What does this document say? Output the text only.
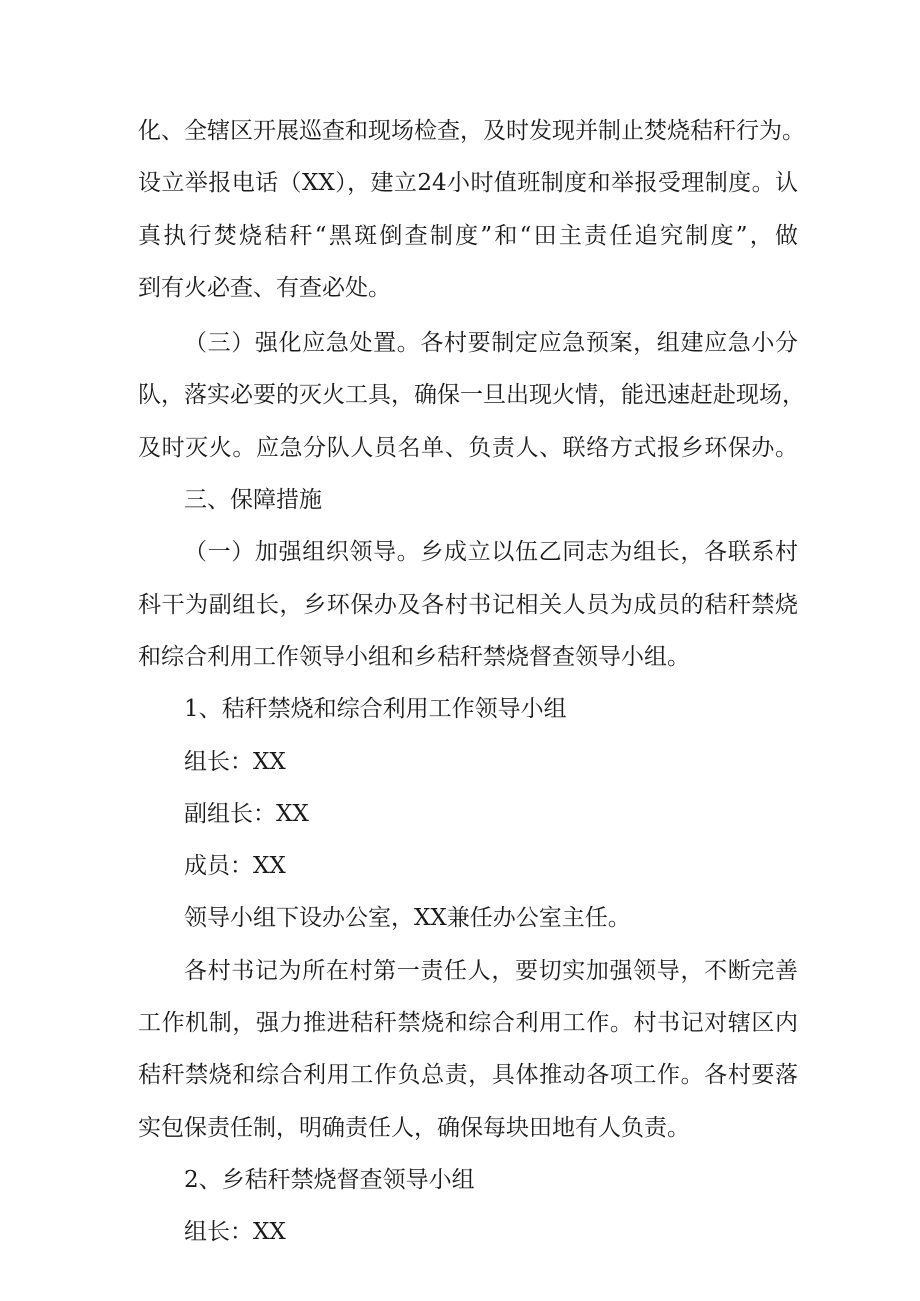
化、全辖区开展巡查和现场检查，及时发现并制止焚烧秸秆行为。
设立举报电话（XX），建立24小时值班制度和举报受理制度。认
真执行焚烧秸秆“黑斑倒查制度”和“田主责任追究制度”，做
到有火必查、有查必处。
（三）强化应急处置。各村要制定应急预案，组建应急小分
队，落实必要的灭火工具，确保一旦出现火情，能迅速赶赴现场，
及时灭火。应急分队人员名单、负责人、联络方式报乡环保办。
三、保障措施
（一）加强组织领导。乡成立以伍乙同志为组长，各联系村
科干为副组长，乡环保办及各村书记相关人员为成员的秸秆禁烧
和综合利用工作领导小组和乡秸秆禁烧督查领导小组。
1、秸秆禁烧和综合利用工作领导小组
组长：XX
副组长：XX
成员：XX
领导小组下设办公室，XX兼任办公室主任。
各村书记为所在村第一责任人，要切实加强领导，不断完善
工作机制，强力推进秸秆禁烧和综合利用工作。村书记对辖区内
秸秆禁烧和综合利用工作负总责，具体推动各项工作。各村要落
实包保责任制，明确责任人，确保每块田地有人负责。
2、乡秸秆禁烧督查领导小组
组长：XX
